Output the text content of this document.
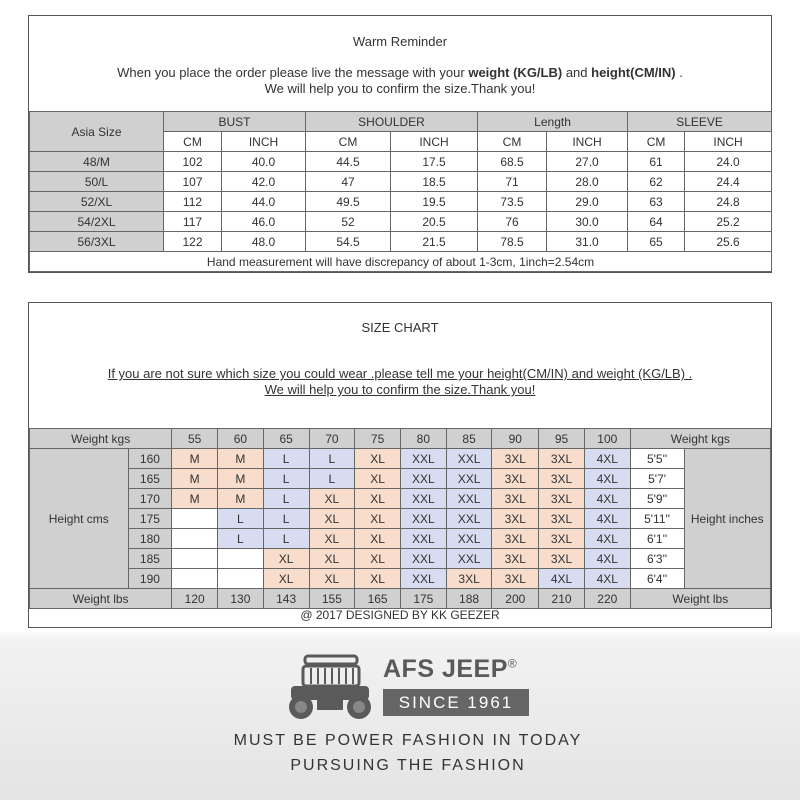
Warm Reminder
When you place the order please live the message with your weight (KG/LB) and height(CM/IN) .
We will help you to confirm the size.Thank you!
Asia Size	BUST		SHOULDER		Length		SLEEVE	
	CM	INCH	CM	INCH	CM	INCH	CM	INCH
48/M	102	40.0	44.5	17.5	68.5	27.0	61	24.0
50/L	107	42.0	47	18.5	71	28.0	62	24.4
52/XL	112	44.0	49.5	19.5	73.5	29.0	63	24.8
54/2XL	117	46.0	52	20.5	76	30.0	64	25.2
56/3XL	122	48.0	54.5	21.5	78.5	31.0	65	25.6
Hand measurement will have discrepancy of about 1-3cm, 1inch=2.54cm								
SIZE CHART
If you are not sure which size you could wear .please tell me your height(CM/IN) and weight (KG/LB) .
We will help you to confirm the size.Thank you!
Weight kgs		55	60	65	70	75	80	85	90	95	100	Weight kgs	
Height cms	160	M	M	L	L	XL	XXL	XXL	3XL	3XL	4XL	5'5''	Height inches
	165	M	M	L	L	XL	XXL	XXL	3XL	3XL	4XL	5'7'	
	170	M	M	L	XL	XL	XXL	XXL	3XL	3XL	4XL	5'9''	
	175		L	L	XL	XL	XXL	XXL	3XL	3XL	4XL	5'11''	
	180		L	L	XL	XL	XXL	XXL	3XL	3XL	4XL	6'1''	
	185			XL	XL	XL	XXL	XXL	3XL	3XL	4XL	6'3''	
	190			XL	XL	XL	XXL	3XL	3XL	4XL	4XL	6'4''	
Weight lbs		120	130	143	155	165	175	188	200	210	220	Weight lbs	
@ 2017 DESIGNED BY KK GEEZER
AFS JEEP®
SINCE 1961
MUST BE POWER FASHION IN TODAY
PURSUING THE FASHION
